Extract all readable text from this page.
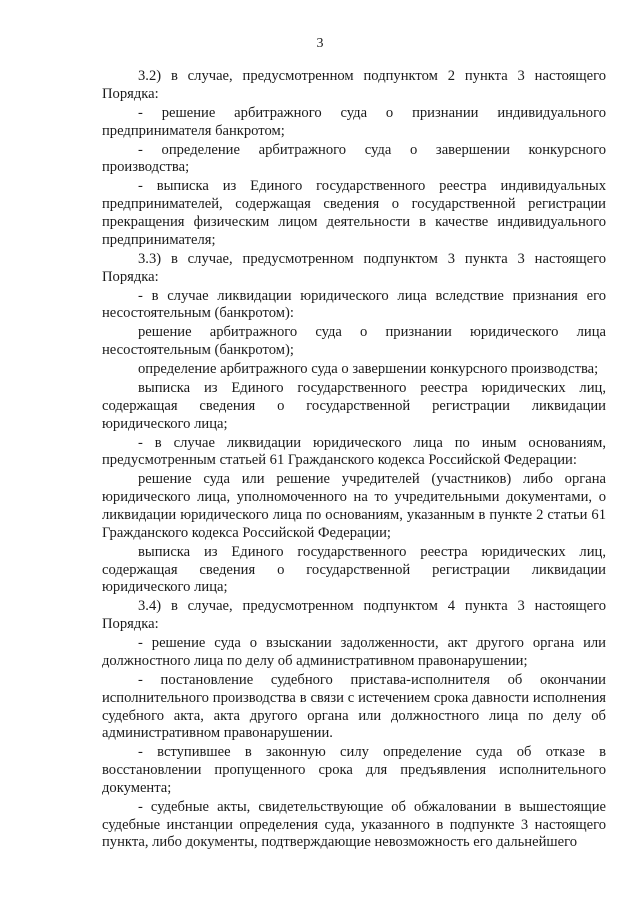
3

3.2) в случае, предусмотренном подпунктом 2 пункта 3 настоящего Порядка:

- решение арбитражного суда о признании индивидуального предпринимателя банкротом;

- определение арбитражного суда о завершении конкурсного производства;

- выписка из Единого государственного реестра индивидуальных предпринимателей, содержащая сведения о государственной регистрации прекращения физическим лицом деятельности в качестве индивидуального предпринимателя;

3.3) в случае, предусмотренном подпунктом 3 пункта 3 настоящего Порядка:

- в случае ликвидации юридического лица вследствие признания его несостоятельным (банкротом):

решение арбитражного суда о признании юридического лица несостоятельным (банкротом);

определение арбитражного суда о завершении конкурсного производства;

выписка из Единого государственного реестра юридических лиц, содержащая сведения о государственной регистрации ликвидации юридического лица;

- в случае ликвидации юридического лица по иным основаниям, предусмотренным статьей 61 Гражданского кодекса Российской Федерации:

решение суда или решение учредителей (участников) либо органа юридического лица, уполномоченного на то учредительными документами, о ликвидации юридического лица по основаниям, указанным в пункте 2 статьи 61 Гражданского кодекса Российской Федерации;

выписка из Единого государственного реестра юридических лиц, содержащая сведения о государственной регистрации ликвидации юридического лица;

3.4) в случае, предусмотренном подпунктом 4 пункта 3 настоящего Порядка:

- решение суда о взыскании задолженности, акт другого органа или должностного лица по делу об административном правонарушении;

- постановление судебного пристава-исполнителя об окончании исполнительного производства в связи с истечением срока давности исполнения судебного акта, акта другого органа или должностного лица по делу об административном правонарушении.

- вступившее в законную силу определение суда об отказе в восстановлении пропущенного срока для предъявления исполнительного документа;

- судебные акты, свидетельствующие об обжаловании в вышестоящие судебные инстанции определения суда, указанного в подпункте 3 настоящего пункта, либо документы, подтверждающие невозможность его дальнейшего
